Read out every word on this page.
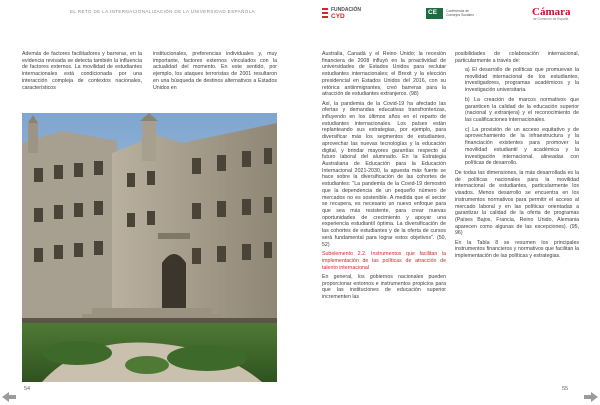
EL RETO DE LA INTERNACIONALIZACIÓN DE LA UNIVERSIDAD ESPAÑOLA	FUNDACIÓN
CYD
CE	Conferencia de Consejos Sociales	Cámara
de Comercio de España

Además de factores facilitadores y barreras, en la evidencia revisada se detecta también la influencia de factores externos. La movilidad de estudiantes internacionales está condicionada por una interacción compleja de contextos nacionales, característicos

institucionales, preferencias individuales y, muy importante, factores externos vinculados con la actualidad del momento. En este sentido, por ejemplo, los ataques terroristas de 2001 resultaron en una búsqueda de destinos alternativos a Estados Unidos en

54

Australia, Canadá y el Reino Unido; la recesión financiera de 2008 influyó en la proactividad de universidades de Estados Unidos para reclutar estudiantes internacionales; el Brexit y la elección presidencial en Estados Unidos del 2016, con su retórica antiinmigrantes, creó barreras para la atracción de estudiantes extranjeros. (98)

Así, la pandemia de la Covid-19 ha afectado las ofertas y demandas educativas transfronterizas, influyendo en los últimos años en el reparto de estudiantes internacionales. Los países están replanteando sus estrategias, por ejemplo, para diversificar más los segmentos de estudiantes, aprovechar las nuevas tecnologías y la educación digital, y brindar mayores garantías respecto al futuro laboral del alumnado. En la Estrategia Australiana de Educación para la Educación Internacional 2021-2030, la apuesta más fuerte se hace sobre la diversificación de las cohortes de estudiantes: "La pandemia de la Covid-19 demostró que la dependencia de un pequeño número de mercados no es sostenible. A medida que el sector se recupera, es necesario un nuevo enfoque para que sea más resistente, para crear nuevas oportunidades de crecimiento y apoyar una experiencia estudiantil óptima. La diversificación de las cohortes de estudiantes y de la oferta de cursos será fundamental para lograr estos objetivos". (50, 52)

Subelemento 2.2. Instrumentos que facilitan la implementación de las políticas de atracción de talento internacional

En general, los gobiernos nacionales pueden proporcionar entornos e instrumentos propicios para que las instituciones de educación superior incrementen las

posibilidades de colaboración internacional, particularmente a través de:

a) El desarrollo de políticas que promuevan la movilidad internacional de los estudiantes, investigadores, programas académicos y la investigación universitaria.

b) La creación de marcos normativos que garanticen la calidad de la educación superior (nacional y extranjera) y el reconocimiento de las cualificaciones internacionales.

c) La provisión de un acceso equitativo y de aprovechamiento de la infraestructura y la financiación existentes para promover la movilidad estudiantil y académica y la investigación internacional, alineadas con políticas de desarrollo.

De todas las dimensiones, la más desarrollada es la de políticas nacionales para la movilidad internacional de estudiantes, particularmente los visados. Menos desarrollo se encuentra en los instrumentos normativos para permitir el acceso al mercado laboral y en las políticas orientadas a garantizar la calidad de la oferta de programas (Países Bajos, Francia, Reino Unido, Alemania aparecen como algunas de las excepciones). (95, 96)

En la Tabla 8 se resumen los principales instrumentos financieros y normativos que facilitan la implementación de las políticas y estrategias.

55
